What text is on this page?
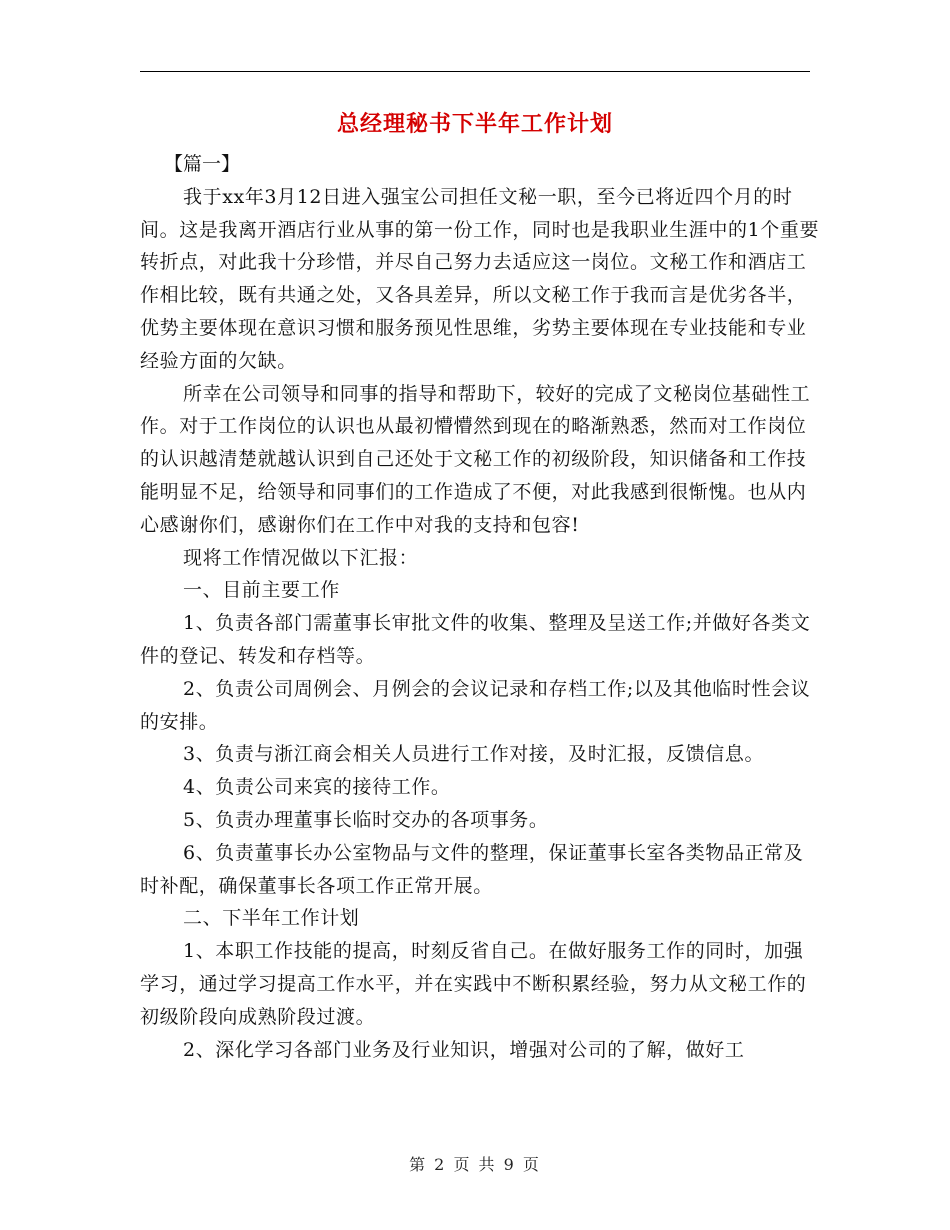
总经理秘书下半年工作计划
【篇一】
我于xx年3月12日进入强宝公司担任文秘一职，至今已将近四个月的时间。这是我离开酒店行业从事的第一份工作，同时也是我职业生涯中的1个重要转折点，对此我十分珍惜，并尽自己努力去适应这一岗位。文秘工作和酒店工作相比较，既有共通之处，又各具差异，所以文秘工作于我而言是优劣各半，优势主要体现在意识习惯和服务预见性思维，劣势主要体现在专业技能和专业经验方面的欠缺。
所幸在公司领导和同事的指导和帮助下，较好的完成了文秘岗位基础性工作。对于工作岗位的认识也从最初懵懵然到现在的略渐熟悉，然而对工作岗位的认识越清楚就越认识到自己还处于文秘工作的初级阶段，知识储备和工作技能明显不足，给领导和同事们的工作造成了不便，对此我感到很惭愧。也从内心感谢你们，感谢你们在工作中对我的支持和包容!
现将工作情况做以下汇报：
一、目前主要工作
1、负责各部门需董事长审批文件的收集、整理及呈送工作;并做好各类文件的登记、转发和存档等。
2、负责公司周例会、月例会的会议记录和存档工作;以及其他临时性会议的安排。
3、负责与浙江商会相关人员进行工作对接，及时汇报，反馈信息。
4、负责公司来宾的接待工作。
5、负责办理董事长临时交办的各项事务。
6、负责董事长办公室物品与文件的整理，保证董事长室各类物品正常及时补配，确保董事长各项工作正常开展。
二、下半年工作计划
1、本职工作技能的提高，时刻反省自己。在做好服务工作的同时，加强学习，通过学习提高工作水平，并在实践中不断积累经验，努力从文秘工作的初级阶段向成熟阶段过渡。
2、深化学习各部门业务及行业知识，增强对公司的了解，做好工
第 2 页 共 9 页
